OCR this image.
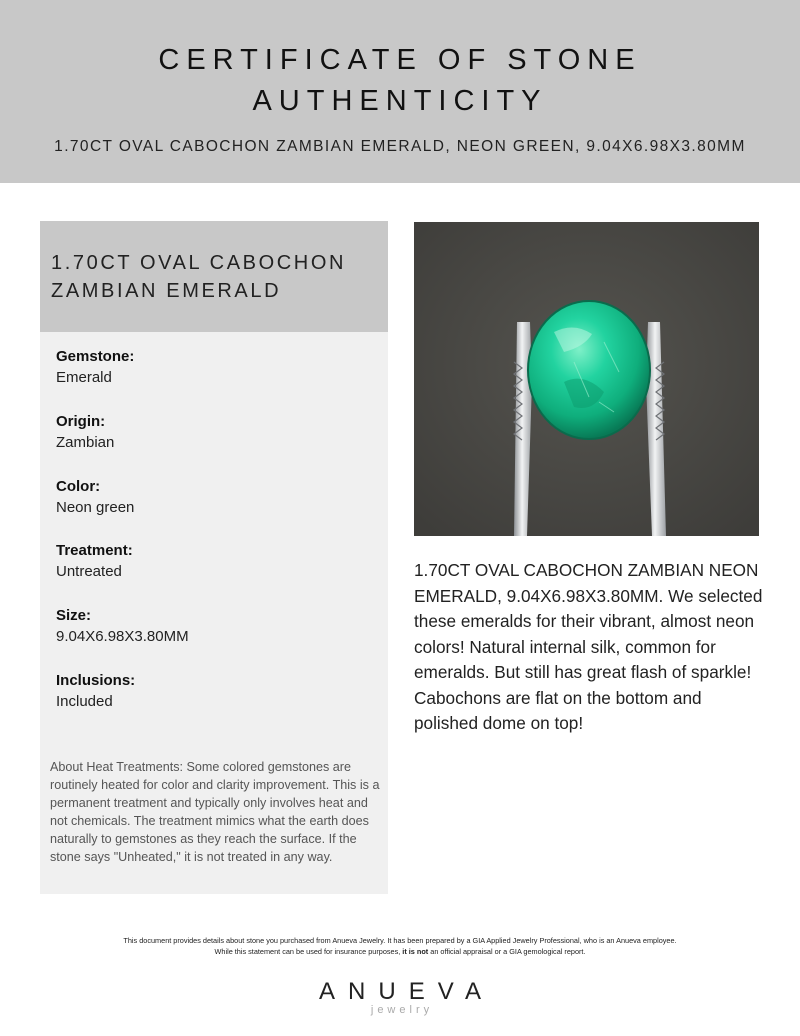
CERTIFICATE OF STONE
AUTHENTICITY
1.70CT OVAL CABOCHON ZAMBIAN EMERALD, NEON GREEN, 9.04X6.98X3.80MM
1.70CT OVAL CABOCHON
ZAMBIAN EMERALD
Gemstone:
Emerald
Origin:
Zambian
Color:
Neon green
Treatment:
Untreated
Size:
9.04X6.98X3.80MM
Inclusions:
Included
About Heat Treatments: Some colored gemstones are routinely heated for color and clarity improvement. This is a permanent treatment and typically only involves heat and not chemicals. The treatment mimics what the earth does naturally to gemstones as they reach the surface. If the stone says "Unheated," it is not treated in any way.
1.70CT OVAL CABOCHON ZAMBIAN NEON EMERALD, 9.04X6.98X3.80MM. We selected these emeralds for their vibrant, almost neon colors! Natural internal silk, common for emeralds. But still has great flash of sparkle! Cabochons are flat on the bottom and polished dome on top!
This document provides details about stone you purchased from Anueva Jewelry. It has been prepared by a GIA Applied Jewelry Professional, who is an Anueva employee.
While this statement can be used for insurance purposes, it is not an official appraisal or a GIA gemological report.
ANUEVA
jewelry
